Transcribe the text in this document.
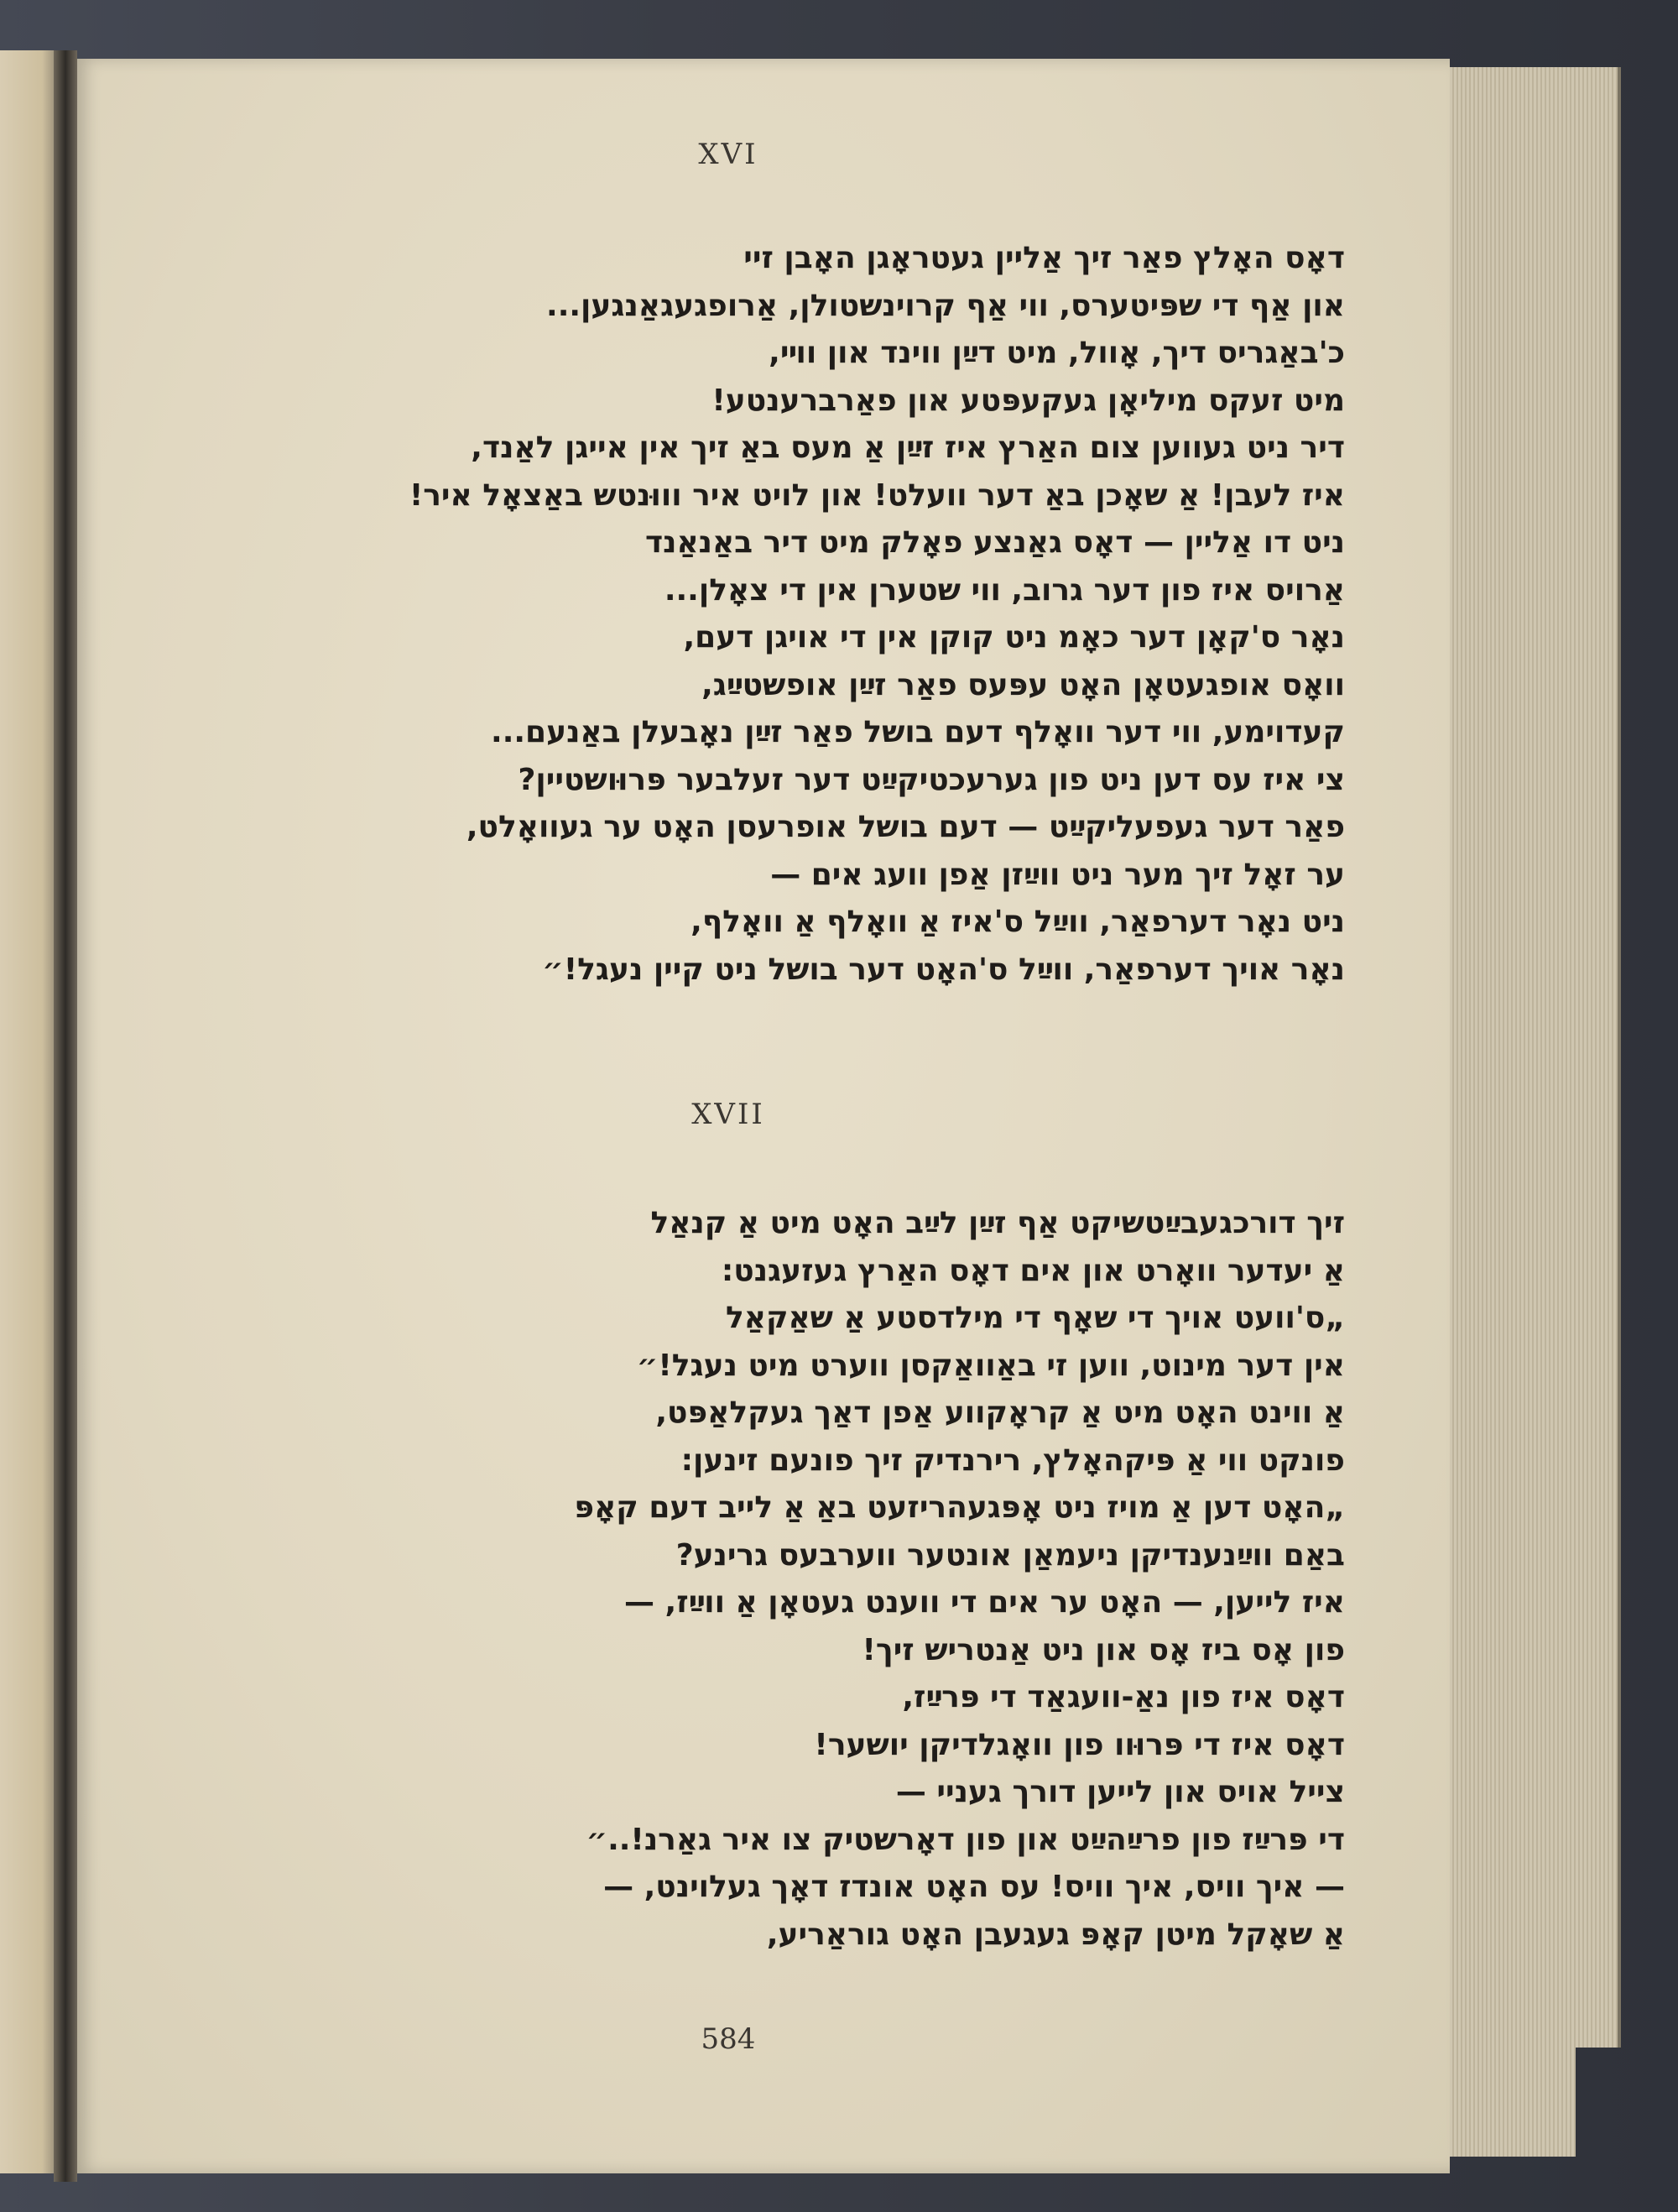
XVI
דאָס האָלץ פאַר זיך אַליין געטראָגן האָבן זיי
און אַף די שפּיטערס, ווי אַף קרוינשטולן, אַרופגעגאַנגען...
כ'באַגריס דיך, אָוול, מיט דײַן ווינד און ווײ,
מיט זעקס מיליאָן געקעפּטע און פאַרברענטע!
דיר ניט געווען צום האַרץ איז זײַן אַ מעס באַ זיך אין אייגן לאַנד,
איז לעבן! אַ שאָכן באַ דער וועלט! און לויט איר וווּנטש באַצאָל איר!
ניט דו אַליין — דאָס גאַנצע פאָלק מיט דיר באַנאַנד
אַרויס איז פון דער גרוב, ווי שטערן אין די צאָלן...
נאָר ס'קאָן דער כאָמ ניט קוקן אין די אויגן דעם,
וואָס אופגעטאָן האָט עפּעס פאַר זײַן אופשטײַג,
קעדוימע, ווי דער וואָלף דעם בושל פאַר זײַן נאָבעלן באַנעם...
צי איז עס דען ניט פון גערעכטיקײַט דער זעלבער פּרוּושטיין?
פאַר דער געפעליקײַט — דעם בושל אופרעסן האָט ער געוואָלט,
ער זאָל זיך מער ניט ווײַזן אַפן וועג אים —
ניט נאָר דערפאַר, ווײַל ס'איז אַ וואָלף אַ וואָלף,
נאָר אויך דערפאַר, ווײַל ס'האָט דער בושל ניט קיין נעגל!״
XVII
זיך דורכגעבײַטשיקט אַף זײַן לײַב האָט מיט אַ קנאַל
אַ יעדער וואָרט און אים דאָס האַרץ געזעגנט:
„ס'וועט אויך די שאָף די מילדסטע אַ שאַקאַל
אין דער מינוט, ווען זי באַוואַקסן ווערט מיט נעגל!״
אַ ווינט האָט מיט אַ קראָקווע אַפן דאַך געקלאַפּט,
פונקט ווי אַ פּיקהאָלץ, רירנדיק זיך פונעם זינען:
„האָט דען אַ מויז ניט אָפּגעהריזעט באַ אַ לייב דעם קאָפּ
באַם ווײַנענדיקן ניעמאַן אונטער ווערבעס גרינע?
איז לייען, — האָט ער אים די ווענט געטאָן אַ ווײַז, —
פון אָס ביז אָס און ניט אַנטריש זיך!
דאָס איז פון נאַ-וועגאַד די פּרײַז,
דאָס איז די פּרוּוו פון וואָגלדיקן יושער!
צייל אויס און לייען דורך געניי —
די פּרײַז פון פרײַהײַט און פון דאָרשטיק צו איר גאַרנ!..״
— איך וויס, איך וויס! עס האָט אונדז דאָך געלוינט, —
אַ שאָקל מיטן קאָפּ געגעבן האָט גוראַריע,
584
